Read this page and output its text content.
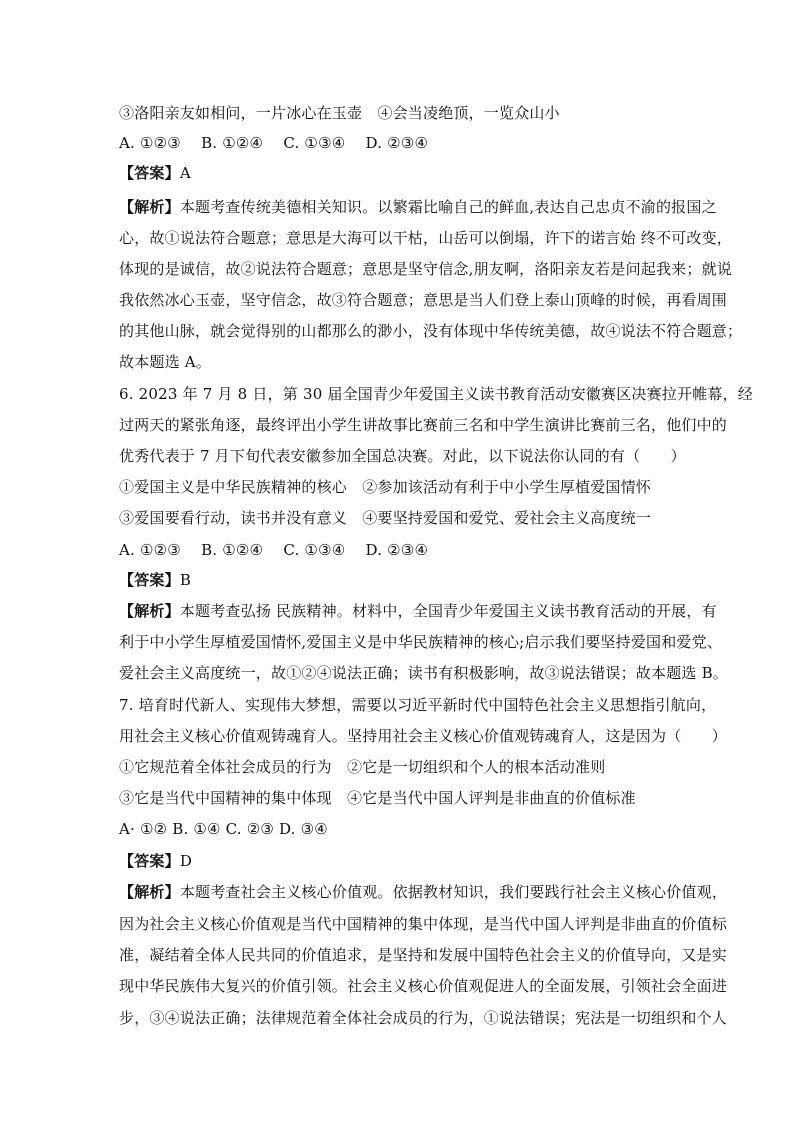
③洛阳亲友如相问，一片冰心在玉壶　④会当凌绝顶，一览众山小
A. ①②③　 B. ①②④　 C. ①③④　 D. ②③④
【答案】A
【解析】本题考查传统美德相关知识。以繁霜比喻自己的鲜血,表达自己忠贞不渝的报国之
心，故①说法符合题意；意思是大海可以干枯，山岳可以倒塌，许下的诺言始 终不可改变，
体现的是诚信，故②说法符合题意；意思是坚守信念,朋友啊，洛阳亲友若是问起我来；就说
我依然冰心玉壶，坚守信念，故③符合题意；意思是当人们登上泰山顶峰的时候，再看周围
的其他山脉，就会觉得别的山都那么的渺小，没有体现中华传统美德，故④说法不符合题意；
故本题选 A。
6. 2023 年 7 月 8 日，第 30 届全国青少年爱国主义读书教育活动安徽赛区决赛拉开帷幕，经
过两天的紧张角逐，最终评出小学生讲故事比赛前三名和中学生演讲比赛前三名，他们中的
优秀代表于 7 月下旬代表安徽参加全国总决赛。对此，以下说法你认同的有（　　）
①爱国主义是中华民族精神的核心　②参加该活动有利于中小学生厚植爱国情怀
③爱国要看行动，读书并没有意义　④要坚持爱国和爱党、爱社会主义高度统一
A. ①②③　 B. ①②④　 C. ①③④　 D. ②③④
【答案】B
【解析】本题考查弘扬 民族精神。材料中，全国青少年爱国主义读书教育活动的开展，有
利于中小学生厚植爱国情怀,爱国主义是中华民族精神的核心;启示我们要坚持爱国和爱党、
爱社会主义高度统一，故①②④说法正确；读书有积极影响，故③说法错误；故本题选 B。
7. 培育时代新人、实现伟大梦想，需要以习近平新时代中国特色社会主义思想指引航向，
用社会主义核心价值观铸魂育人。坚持用社会主义核心价值观铸魂育人，这是因为（　　）
①它规范着全体社会成员的行为　②它是一切组织和个人的根本活动准则
③它是当代中国精神的集中体现　④它是当代中国人评判是非曲直的价值标准
A· ①② B. ①④ C. ②③ D. ③④
【答案】D
【解析】本题考查社会主义核心价值观。依据教材知识，我们要践行社会主义核心价值观，
因为社会主义核心价值观是当代中国精神的集中体现，是当代中国人评判是非曲直的价值标
准，凝结着全体人民共同的价值追求，是坚持和发展中国特色社会主义的价值导向，又是实
现中华民族伟大复兴的价值引领。社会主义核心价值观促进人的全面发展，引领社会全面进
步，③④说法正确；法律规范着全体社会成员的行为，①说法错误；宪法是一切组织和个人
